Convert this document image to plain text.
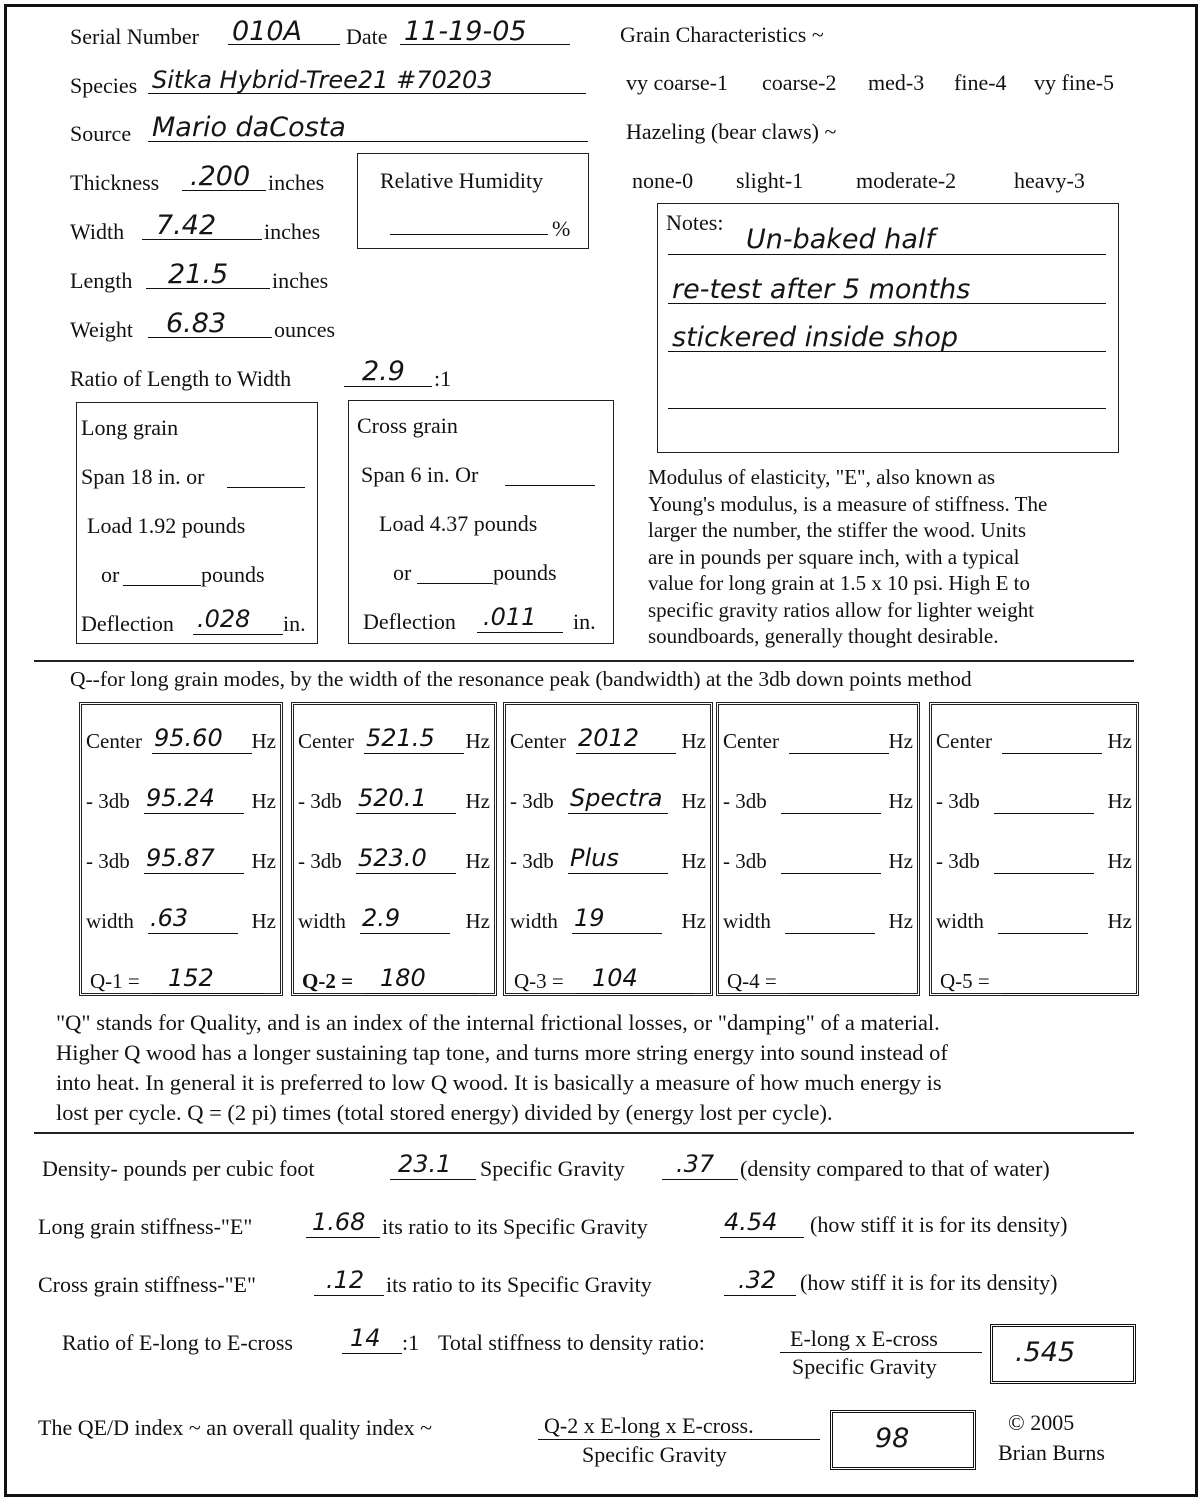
Serial Number 010A Date 11-19-05
Species Sitka Hybrid-Tree21 #70203
Source Mario daCosta
Thickness .200 inches
Width 7.42 inches
Length 21.5 inches
Weight 6.83 ounces
Ratio of Length to Width	2.9 :1
Relative Humidity
%
Grain Characteristics ~
vy coarse-1 coarse-2 med-3 fine-4 vy fine-5
Hazeling (bear claws) ~
none-0 slight-1 moderate-2	heavy-3
Notes:
Un-baked half
re-test after 5 months
stickered inside shop
Long grain
Span 18 in. or
Load 1.92 pounds
or	pounds
Deflection .028 in.
Cross grain
Span 6 in. Or
Load 4.37 pounds
or	pounds
Deflection .011 in.
Modulus of elasticity, "E", also known as
Young's modulus, is a measure of stiffness. The
larger the number, the stiffer the wood. Units
are in pounds per square inch, with a typical
value for long grain at 1.5 x 10 psi. High E to
specific gravity ratios allow for lighter weight
soundboards, generally thought desirable.
Q--for long grain modes, by the width of the resonance peak (bandwidth) at the 3db down points method
Center 95.60 Hz
- 3db 95.24 Hz
- 3db 95.87 Hz
width .63	Hz
Q-1 = 152
Center 521.5 Hz
- 3db 520.1 Hz
- 3db 523.0 Hz
width 2.9	Hz
Q-2 = 180
Center 2012 Hz
- 3db Spectra Hz
- 3db Plus	Hz
width 19	Hz
Q-3 = 104
Center	Hz
- 3db	Hz
- 3db	Hz
width	Hz
Q-4 =
Center	Hz
- 3db	Hz
- 3db	Hz
width	Hz
Q-5 =
"Q" stands for Quality, and is an index of the internal frictional losses, or "damping" of a material.
Higher Q wood has a longer sustaining tap tone, and turns more string energy into sound instead of
into heat. In general it is preferred to low Q wood. It is basically a measure of how much energy is
lost per cycle. Q = (2 pi) times (total stored energy) divided by (energy lost per cycle).
Density- pounds per cubic foot	23.1 Specific Gravity .37 (density compared to that of water)
Long grain stiffness-"E" 1.68 its ratio to its Specific Gravity	4.54 (how stiff it is for its density)
Cross grain stiffness-"E"	.12 its ratio to its Specific Gravity	.32 (how stiff it is for its density)
Ratio of E-long to E-cross 14 :1 Total stiffness to density ratio:	E-long x E-cross
Specific Gravity	.545
The QE/D index ~ an overall quality index ~	Q-2 x E-long x E-cross.
Specific Gravity
98
© 2005
Brian Burns
